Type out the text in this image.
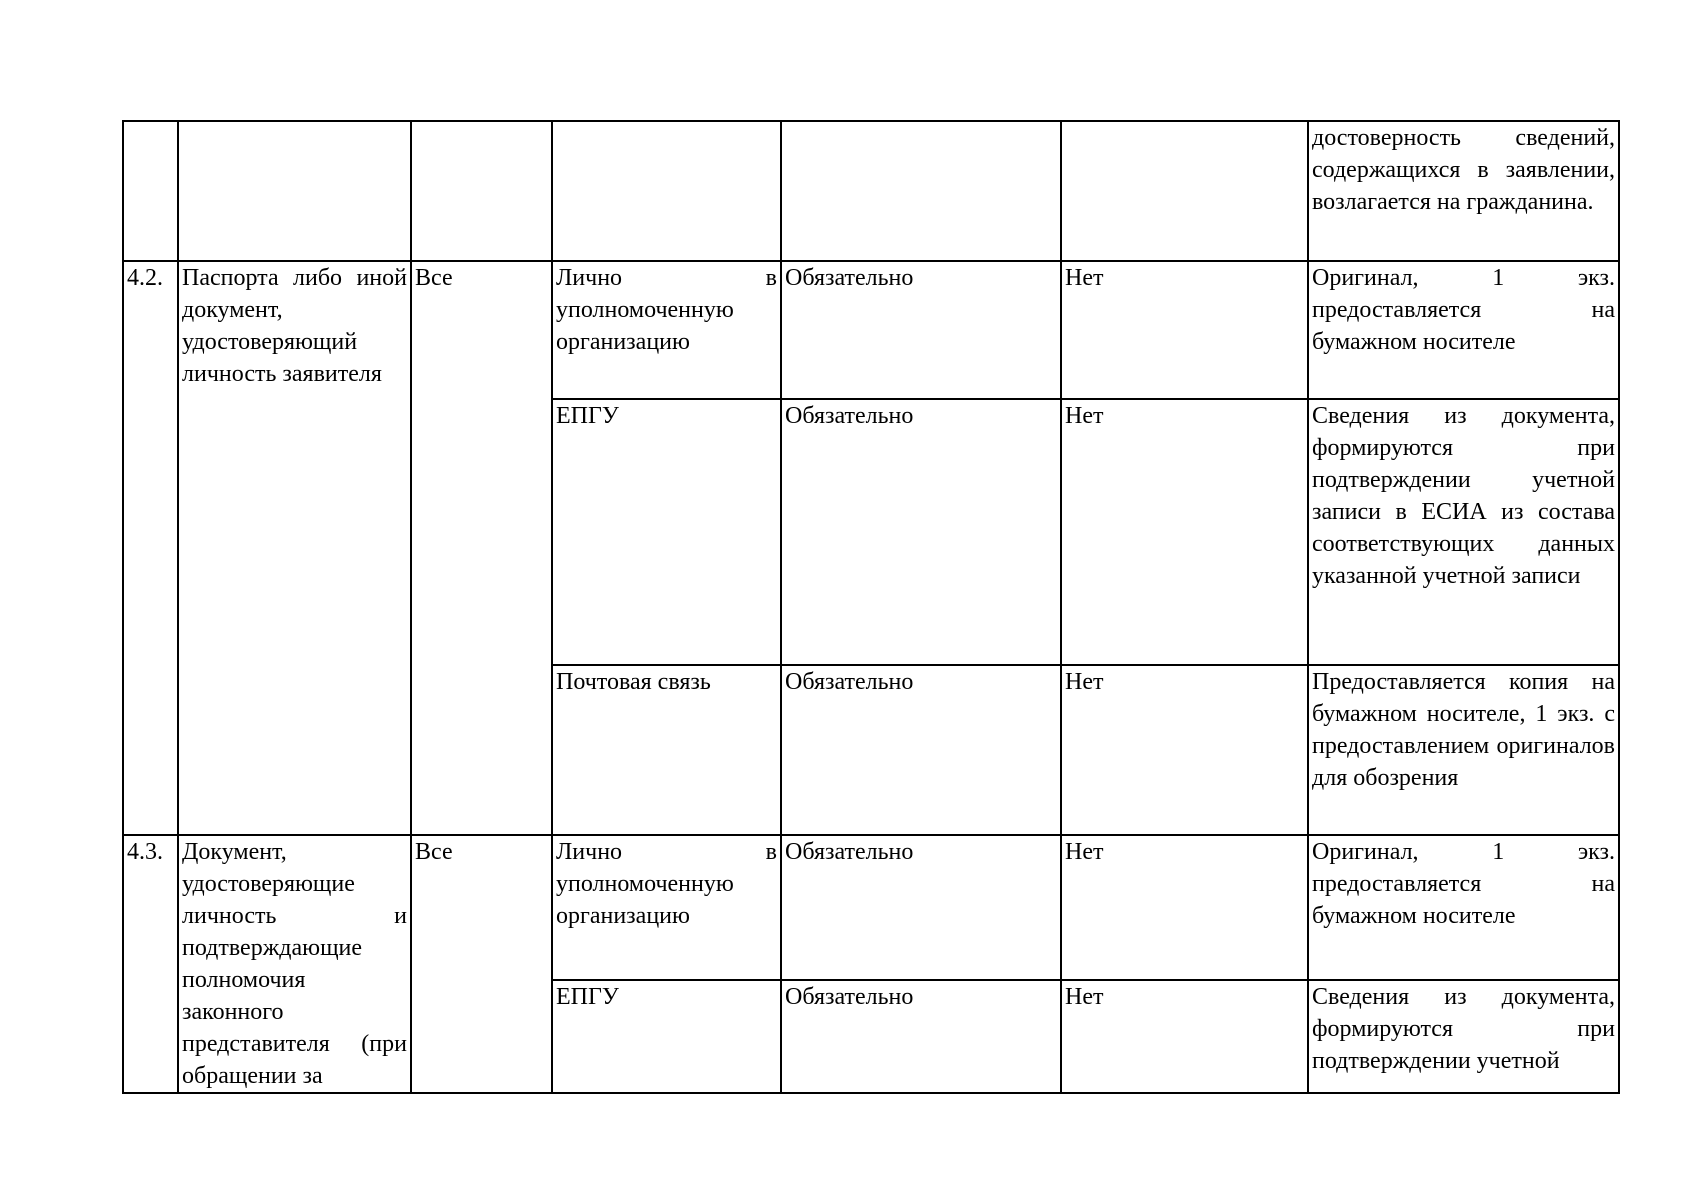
						достоверность сведений, содержащихся в заявлении, возлагается на гражданина.

4.2.	Паспорта либо иной документ, удостоверяющий личность заявителя	Все	Лично в уполномоченную организацию	Обязательно	Нет	Оригинал, 1 экз. предоставляется на бумажном носителе

			ЕПГУ	Обязательно	Нет	Сведения из документа, формируются при подтверждении учетной записи в ЕСИА из состава соответствующих данных указанной учетной записи

			Почтовая связь	Обязательно	Нет	Предоставляется копия на бумажном носителе, 1 экз. с предоставлением оригиналов для обозрения

4.3.	Документ, удостоверяющие личность и подтверждающие полномочия законного представителя (при обращении за	Все	Лично в уполномоченную организацию	Обязательно	Нет	Оригинал, 1 экз. предоставляется на бумажном носителе

			ЕПГУ	Обязательно	Нет	Сведения из документа, формируются при подтверждении учетной
